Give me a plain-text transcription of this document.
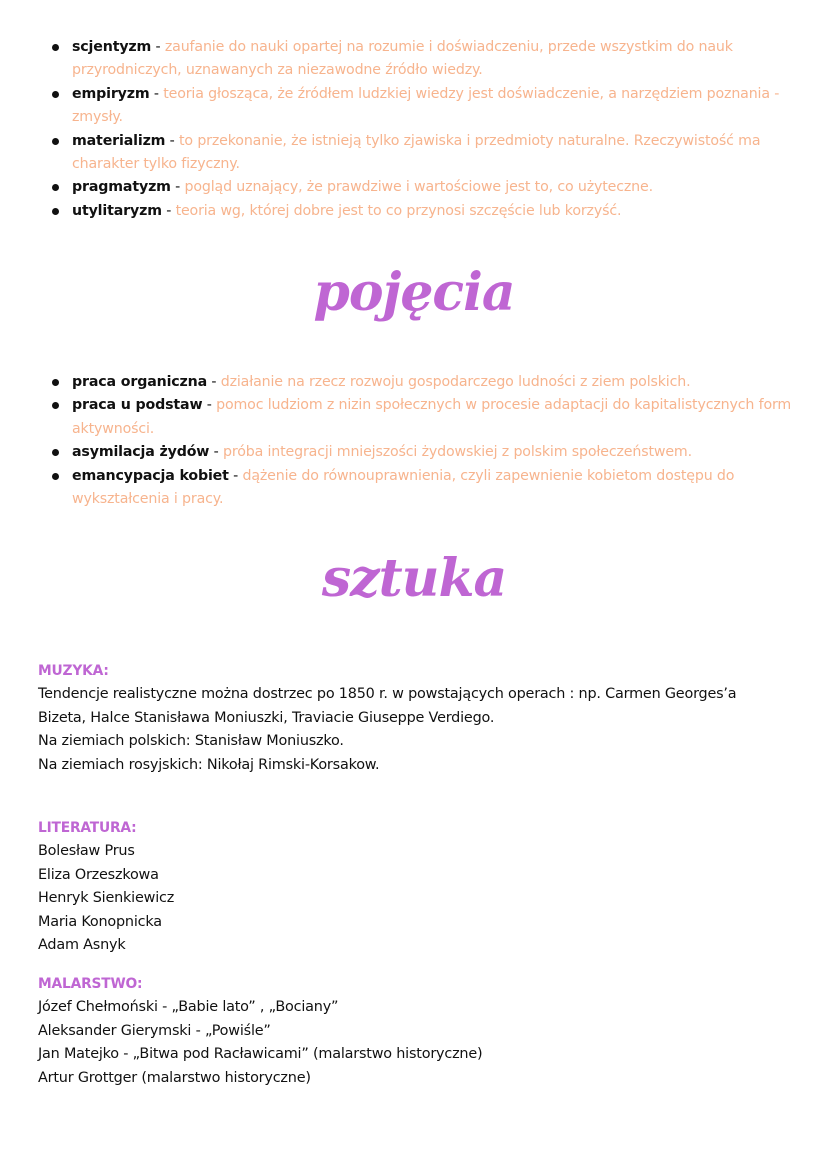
scjentyzm - zaufanie do nauki opartej na rozumie i doświadczeniu, przede wszystkim do nauk przyrodniczych, uznawanych za niezawodne źródło wiedzy.
empiryzm - teoria głosząca, że źródłem ludzkiej wiedzy jest doświadczenie, a narzędziem poznania - zmysły.
materializm - to przekonanie, że istnieją tylko zjawiska i przedmioty naturalne. Rzeczywistość ma charakter tylko fizyczny.
pragmatyzm - pogląd uznający, że prawdziwe i wartościowe jest to, co użyteczne.
utylitaryzm - teoria wg, której dobre jest to co przynosi szczęście lub korzyść.
pojęcia
praca organiczna - działanie na rzecz rozwoju gospodarczego ludności z ziem polskich.
praca u podstaw - pomoc ludziom z nizin społecznych w procesie adaptacji do kapitalistycznych form aktywności.
asymilacja żydów - próba integracji mniejszości żydowskiej z polskim społeczeństwem.
emancypacja kobiet - dążenie do równouprawnienia, czyli zapewnienie kobietom dostępu do wykształcenia i pracy.
sztuka
MUZYKA:
Tendencje realistyczne można dostrzec po 1850 r. w powstających operach : np. Carmen Georges’a
Bizeta, Halce Stanisława Moniuszki, Traviacie Giuseppe Verdiego.
Na ziemiach polskich: Stanisław Moniuszko.
Na ziemiach rosyjskich: Nikołaj Rimski-Korsakow.
LITERATURA:
Bolesław Prus
Eliza Orzeszkowa
Henryk Sienkiewicz
Maria Konopnicka
Adam Asnyk
MALARSTWO:
Józef Chełmoński - „Babie lato” , „Bociany”
Aleksander Gierymski - „Powiśle”
Jan Matejko - „Bitwa pod Racławicami” (malarstwo historyczne)
Artur Grottger (malarstwo historyczne)
